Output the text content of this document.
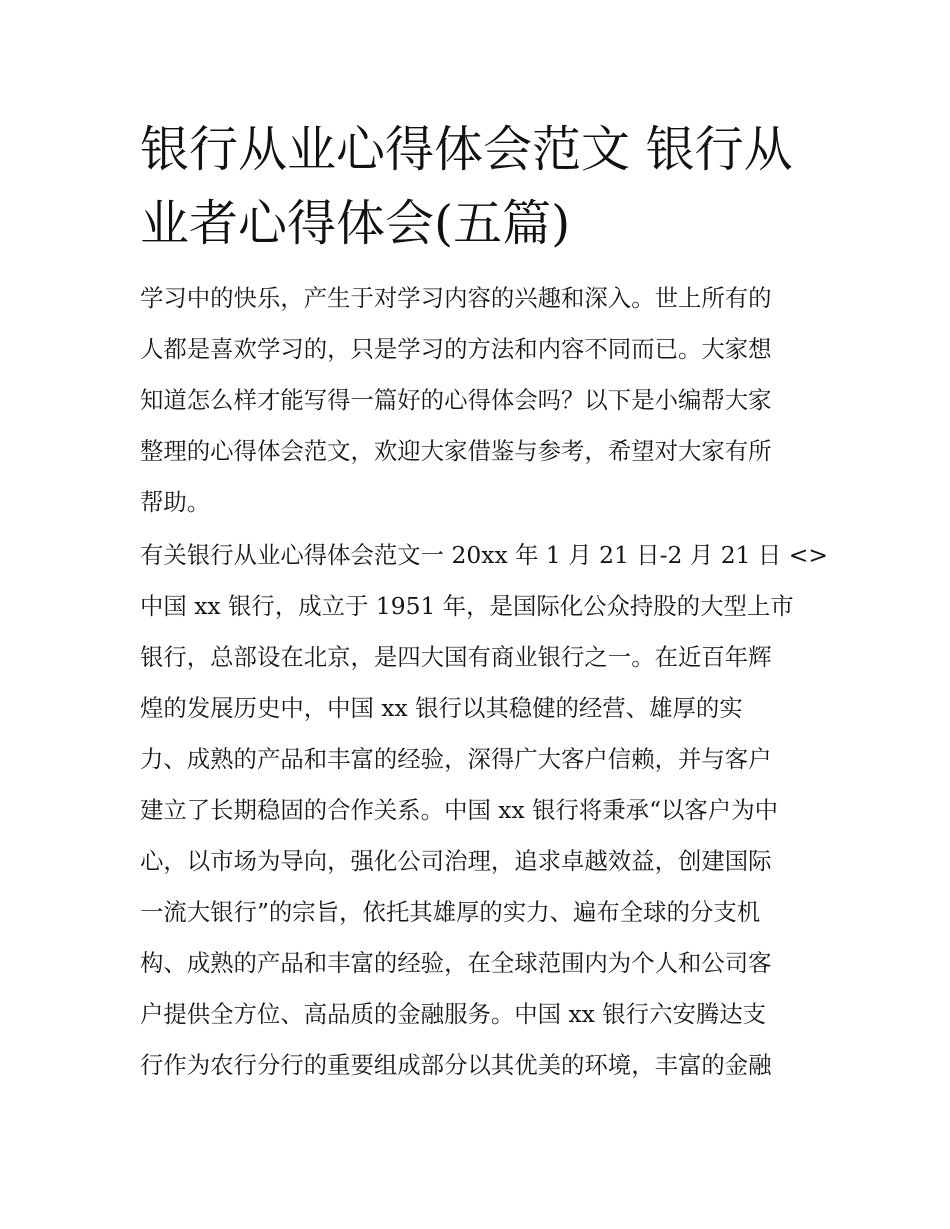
银行从业心得体会范文 银行从
业者心得体会(五篇)

学习中的快乐，产生于对学习内容的兴趣和深入。世上所有的

人都是喜欢学习的，只是学习的方法和内容不同而已。大家想

知道怎么样才能写得一篇好的心得体会吗？以下是小编帮大家

整理的心得体会范文，欢迎大家借鉴与参考，希望对大家有所

帮助。

有关银行从业心得体会范文一 20xx 年 1 月 21 日-2 月 21 日 <>

中国 xx 银行，成立于 1951 年，是国际化公众持股的大型上市

银行，总部设在北京，是四大国有商业银行之一。在近百年辉

煌的发展历史中，中国 xx 银行以其稳健的经营、雄厚的实

力、成熟的产品和丰富的经验，深得广大客户信赖，并与客户

建立了长期稳固的合作关系。中国 xx 银行将秉承“以客户为中

心，以市场为导向，强化公司治理，追求卓越效益，创建国际

一流大银行”的宗旨，依托其雄厚的实力、遍布全球的分支机

构、成熟的产品和丰富的经验，在全球范围内为个人和公司客

户提供全方位、高品质的金融服务。中国 xx 银行六安腾达支

行作为农行分行的重要组成部分以其优美的环境，丰富的金融
